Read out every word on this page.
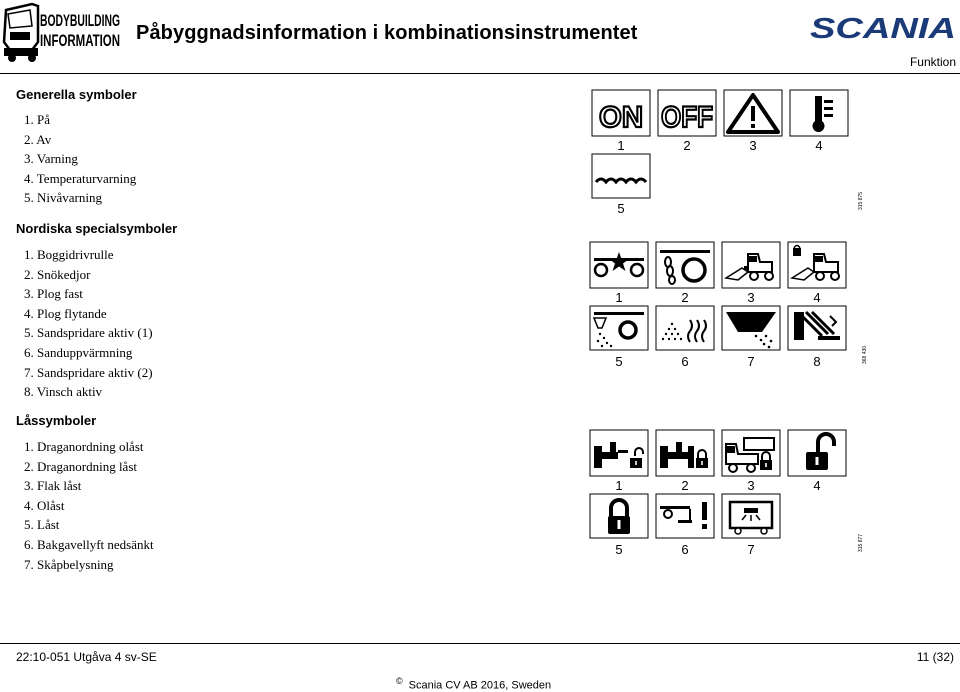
BODYBUILDING
INFORMATION Påbyggnadsinformation i kombinationsinstrumentet	SCANIA
Funktion
Generella symboler
1. På
2. Av
3. Varning
4. Temperaturvarning
5. Nivåvarning
ON OFF
1	2	3	4
5	315 875
Nordiska specialsymboler
1. Boggidrivrulle
2. Snökedjor
3. Plog fast
4. Plog flytande
5. Sandspridare aktiv (1)
6. Sanduppvärmning
7. Sandspridare aktiv (2)
8. Vinsch aktiv
1	2	3	4
5	6	7	8	368 430
Låssymboler
1. Draganordning olåst
2. Draganordning låst
3. Flak låst
4. Olåst
5. Låst
6. Bakgavellyft nedsänkt
7. Skåpbelysning
1	2	3	4
5	6	7	315 877
22:10-051 Utgåva 4 sv-SE	11 (32)
© Scania CV AB 2016, Sweden
